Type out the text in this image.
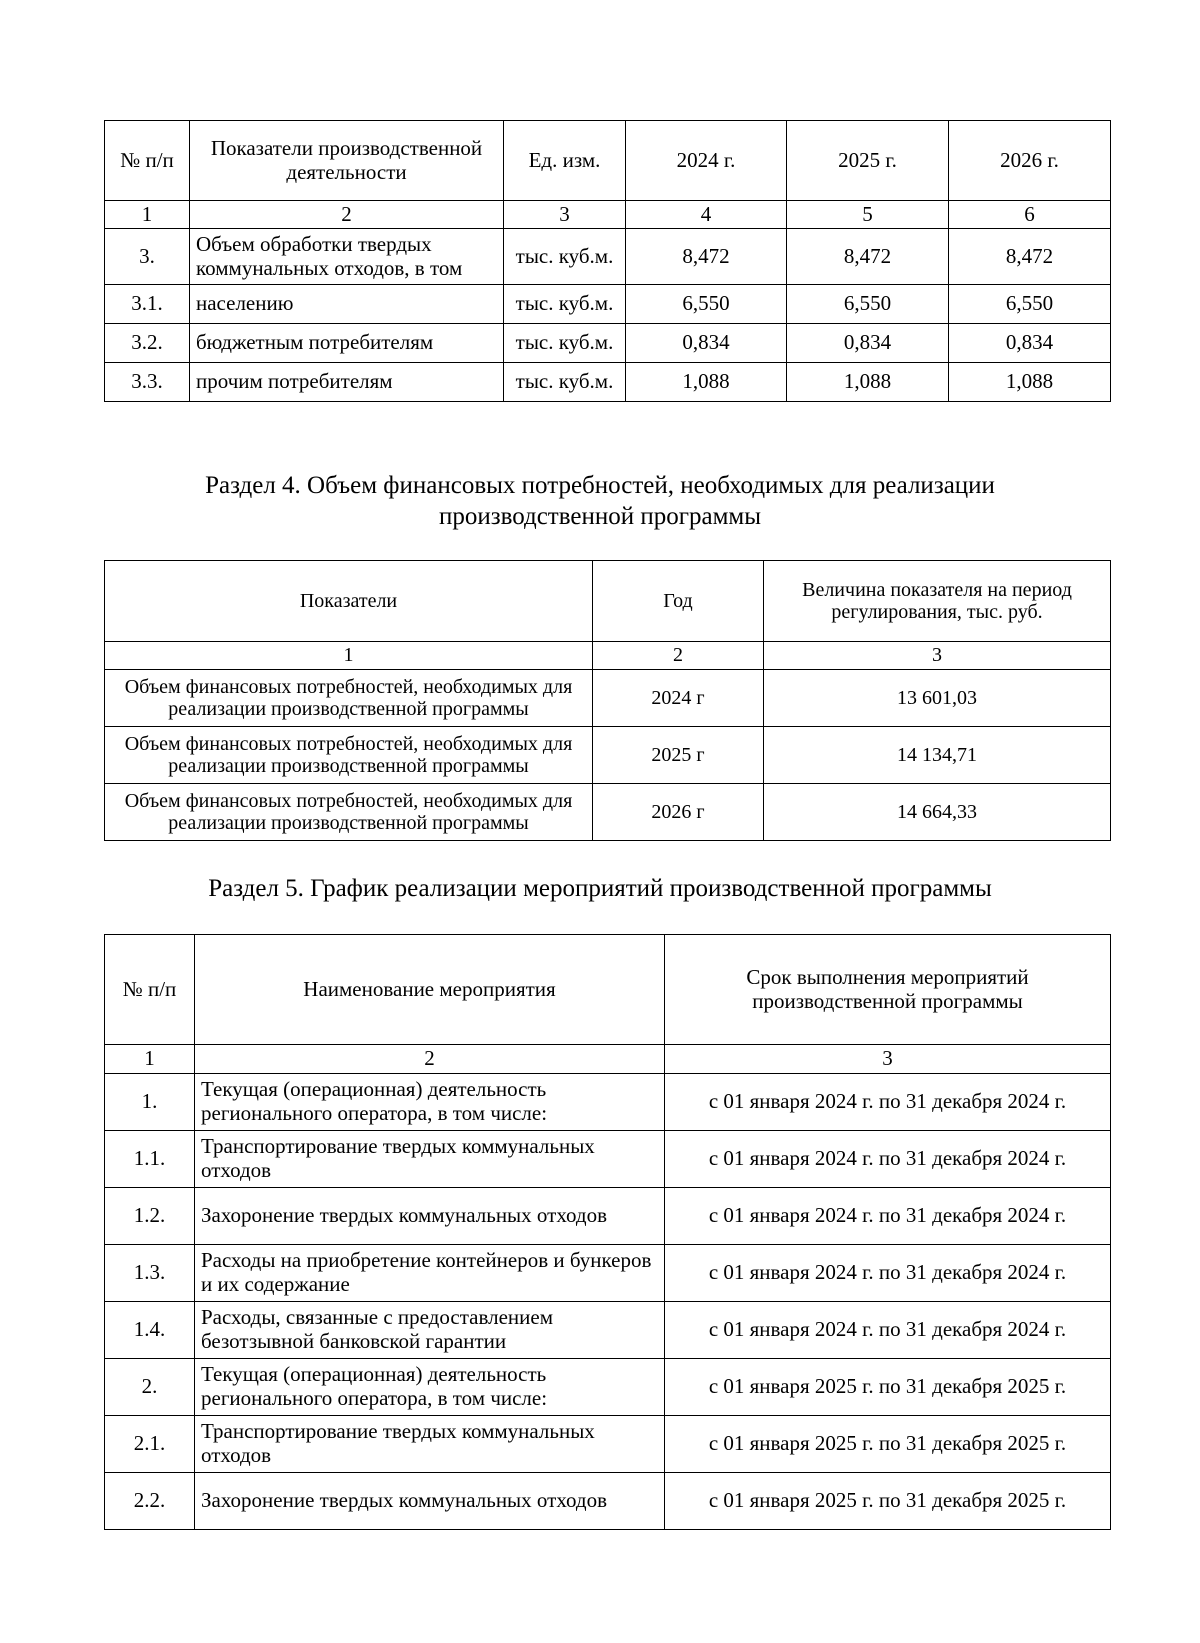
№ п/п	Показатели производственной деятельности	Ед. изм.	2024 г.	2025 г.	2026 г.
1	2	3	4	5	6
3.	Объем обработки твердых коммунальных отходов, в том	тыс. куб.м.	8,472	8,472	8,472
3.1.	населению	тыс. куб.м.	6,550	6,550	6,550
3.2.	бюджетным потребителям	тыс. куб.м.	0,834	0,834	0,834
3.3.	прочим потребителям	тыс. куб.м.	1,088	1,088	1,088
Раздел 4. Объем финансовых потребностей, необходимых для реализации
производственной программы
Показатели	Год	Величина показателя на период регулирования, тыс. руб.
1	2	3
Объем финансовых потребностей, необходимых для реализации производственной программы	2024 г	13 601,03
Объем финансовых потребностей, необходимых для реализации производственной программы	2025 г	14 134,71
Объем финансовых потребностей, необходимых для реализации производственной программы	2026 г	14 664,33
Раздел 5. График реализации мероприятий производственной программы
№ п/п	Наименование мероприятия	Срок выполнения мероприятий производственной программы
1	2	3
1.	Текущая (операционная) деятельность регионального оператора, в том числе:	с 01 января 2024 г. по 31 декабря 2024 г.
1.1.	Транспортирование твердых коммунальных отходов	с 01 января 2024 г. по 31 декабря 2024 г.
1.2.	Захоронение твердых коммунальных отходов	с 01 января 2024 г. по 31 декабря 2024 г.
1.3.	Расходы на приобретение контейнеров и бункеров и их содержание	с 01 января 2024 г. по 31 декабря 2024 г.
1.4.	Расходы, связанные с предоставлением безотзывной банковской гарантии	с 01 января 2024 г. по 31 декабря 2024 г.
2.	Текущая (операционная) деятельность регионального оператора, в том числе:	с 01 января 2025 г. по 31 декабря 2025 г.
2.1.	Транспортирование твердых коммунальных отходов	с 01 января 2025 г. по 31 декабря 2025 г.
2.2.	Захоронение твердых коммунальных отходов	с 01 января 2025 г. по 31 декабря 2025 г.
